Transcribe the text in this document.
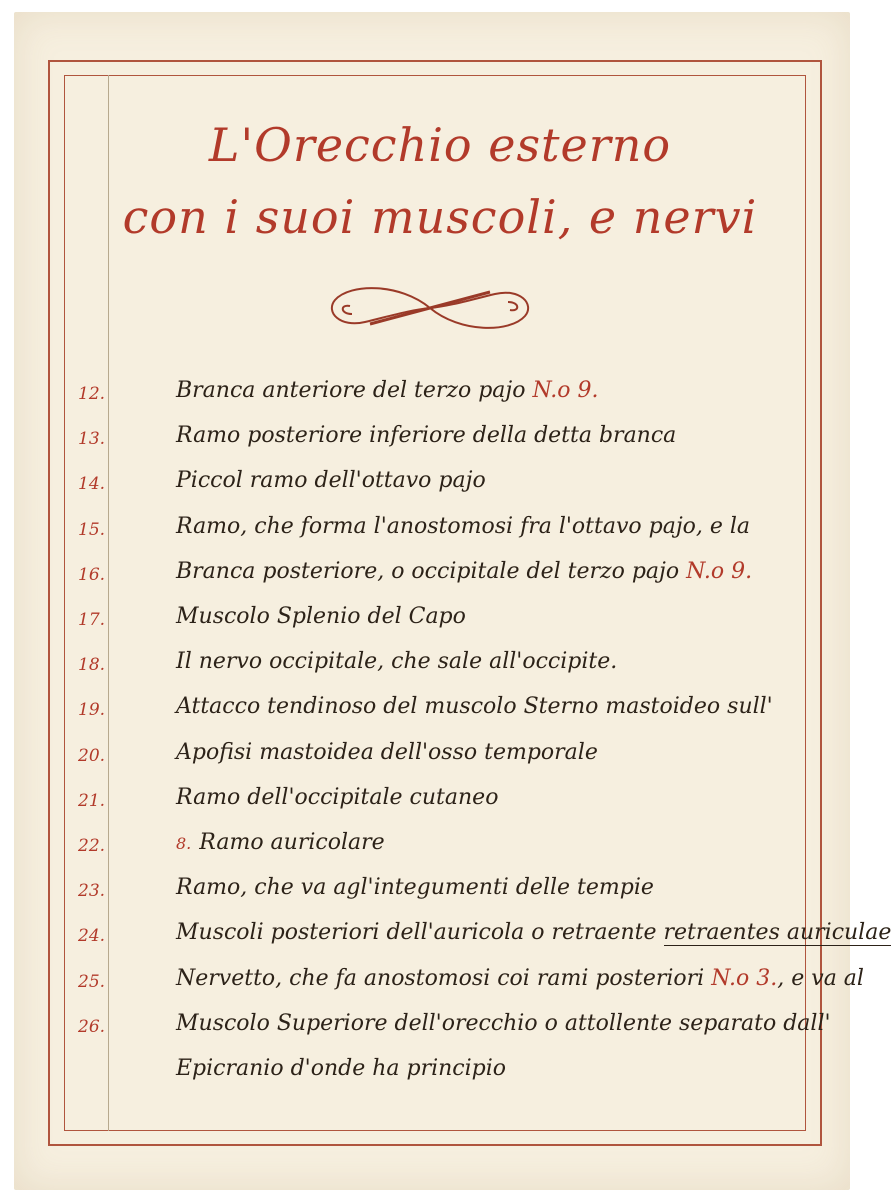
L'Orecchio esterno
con i suoi muscoli, e nervi
12.	Branca anteriore del terzo pajo N.o 9.
13.	Ramo posteriore inferiore della detta branca
14.	Piccol ramo dell'ottavo pajo
15.	Ramo, che forma l'anostomosi fra l'ottavo pajo, e la
16.	Branca posteriore, o occipitale del terzo pajo N.o 9.
17.	Muscolo Splenio del Capo
18.	Il nervo occipitale, che sale all'occipite.
19.	Attacco tendinoso del muscolo Sterno mastoideo sull'
20.	Apofisi mastoidea dell'osso temporale
21.	Ramo dell'occipitale cutaneo
22.	8. Ramo auricolare
23.	Ramo, che va agl'integumenti delle tempie
24.	Muscoli posteriori dell'auricola o retraente retraentes auriculae
25.	Nervetto, che fa anostomosi coi rami posteriori N.o 3., e va al
26.	Muscolo Superiore dell'orecchio o attollente separato dall'
Epicranio d'onde ha principio
